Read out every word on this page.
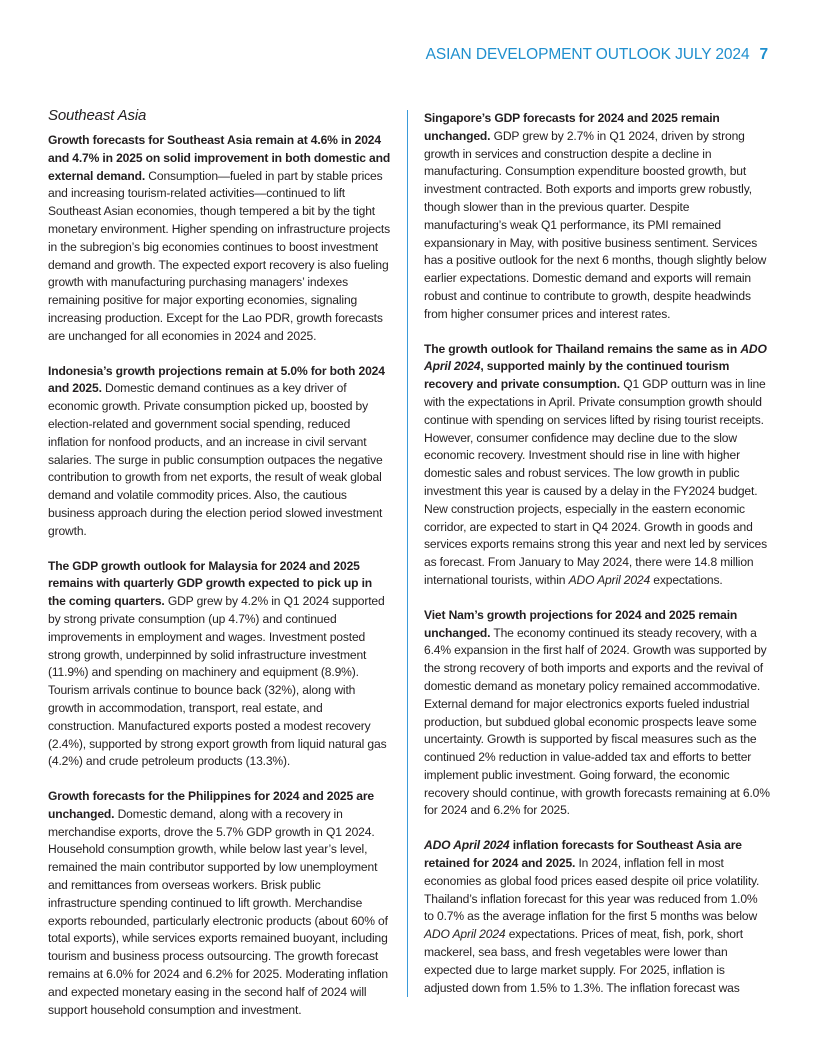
ASIAN DEVELOPMENT OUTLOOK JULY 2024 7
Southeast Asia

Growth forecasts for Southeast Asia remain at 4.6% in 2024 and 4.7% in 2025 on solid improvement in both domestic and external demand. Consumption—fueled in part by stable prices and increasing tourism-related activities—continued to lift Southeast Asian economies, though tempered a bit by the tight monetary environment. Higher spending on infrastructure projects in the subregion’s big economies continues to boost investment demand and growth. The expected export recovery is also fueling growth with manufacturing purchasing managers’ indexes remaining positive for major exporting economies, signaling increasing production. Except for the Lao PDR, growth forecasts are unchanged for all economies in 2024 and 2025.

Indonesia’s growth projections remain at 5.0% for both 2024 and 2025. Domestic demand continues as a key driver of economic growth. Private consumption picked up, boosted by election-related and government social spending, reduced inflation for nonfood products, and an increase in civil servant salaries. The surge in public consumption outpaces the negative contribution to growth from net exports, the result of weak global demand and volatile commodity prices. Also, the cautious business approach during the election period slowed investment growth.

The GDP growth outlook for Malaysia for 2024 and 2025 remains with quarterly GDP growth expected to pick up in the coming quarters. GDP grew by 4.2% in Q1 2024 supported by strong private consumption (up 4.7%) and continued improvements in employment and wages. Investment posted strong growth, underpinned by solid infrastructure investment (11.9%) and spending on machinery and equipment (8.9%). Tourism arrivals continue to bounce back (32%), along with growth in accommodation, transport, real estate, and construction. Manufactured exports posted a modest recovery (2.4%), supported by strong export growth from liquid natural gas (4.2%) and crude petroleum products (13.3%).

Growth forecasts for the Philippines for 2024 and 2025 are unchanged. Domestic demand, along with a recovery in merchandise exports, drove the 5.7% GDP growth in Q1 2024. Household consumption growth, while below last year’s level, remained the main contributor supported by low unemployment and remittances from overseas workers. Brisk public infrastructure spending continued to lift growth. Merchandise exports rebounded, particularly electronic products (about 60% of total exports), while services exports remained buoyant, including tourism and business process outsourcing. The growth forecast remains at 6.0% for 2024 and 6.2% for 2025. Moderating inflation and expected monetary easing in the second half of 2024 will support household consumption and investment.

Singapore’s GDP forecasts for 2024 and 2025 remain unchanged. GDP grew by 2.7% in Q1 2024, driven by strong growth in services and construction despite a decline in manufacturing. Consumption expenditure boosted growth, but investment contracted. Both exports and imports grew robustly, though slower than in the previous quarter. Despite manufacturing’s weak Q1 performance, its PMI remained expansionary in May, with positive business sentiment. Services has a positive outlook for the next 6 months, though slightly below earlier expectations. Domestic demand and exports will remain robust and continue to contribute to growth, despite headwinds from higher consumer prices and interest rates.

The growth outlook for Thailand remains the same as in ADO April 2024, supported mainly by the continued tourism recovery and private consumption. Q1 GDP outturn was in line with the expectations in April. Private consumption growth should continue with spending on services lifted by rising tourist receipts. However, consumer confidence may decline due to the slow economic recovery. Investment should rise in line with higher domestic sales and robust services. The low growth in public investment this year is caused by a delay in the FY2024 budget. New construction projects, especially in the eastern economic corridor, are expected to start in Q4 2024. Growth in goods and services exports remains strong this year and next led by services as forecast. From January to May 2024, there were 14.8 million international tourists, within ADO April 2024 expectations.

Viet Nam’s growth projections for 2024 and 2025 remain unchanged. The economy continued its steady recovery, with a 6.4% expansion in the first half of 2024. Growth was supported by the strong recovery of both imports and exports and the revival of domestic demand as monetary policy remained accommodative. External demand for major electronics exports fueled industrial production, but subdued global economic prospects leave some uncertainty. Growth is supported by fiscal measures such as the continued 2% reduction in value-added tax and efforts to better implement public investment. Going forward, the economic recovery should continue, with growth forecasts remaining at 6.0% for 2024 and 6.2% for 2025.

ADO April 2024 inflation forecasts for Southeast Asia are retained for 2024 and 2025. In 2024, inflation fell in most economies as global food prices eased despite oil price volatility. Thailand’s inflation forecast for this year was reduced from 1.0% to 0.7% as the average inflation for the first 5 months was below ADO April 2024 expectations. Prices of meat, fish, pork, short mackerel, sea bass, and fresh vegetables were lower than expected due to large market supply. For 2025, inflation is adjusted down from 1.5% to 1.3%. The inflation forecast was
